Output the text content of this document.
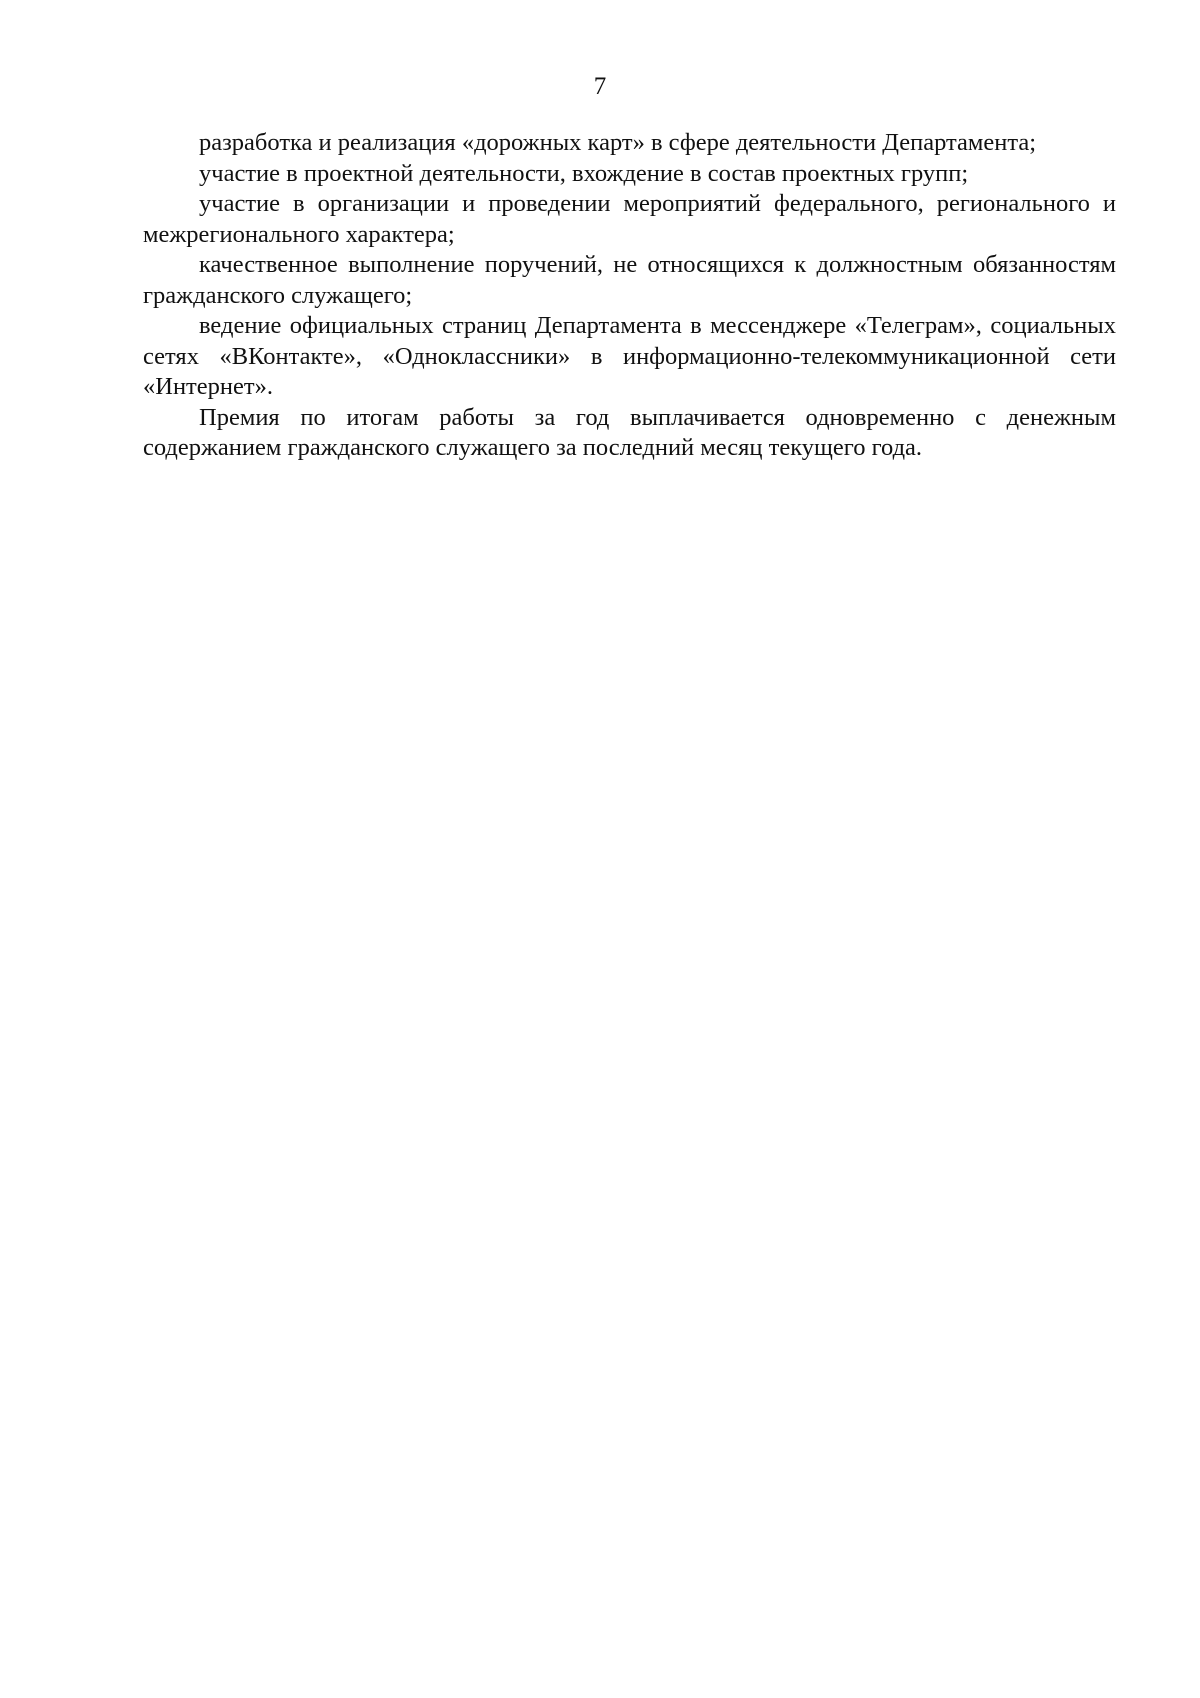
7

разработка и реализация «дорожных карт» в сфере деятельности Департамента;

участие в проектной деятельности, вхождение в состав проектных групп;

участие в организации и проведении мероприятий федерального, регионального и межрегионального характера;

качественное выполнение поручений, не относящихся к должностным обязанностям гражданского служащего;

ведение официальных страниц Департамента в мессенджере «Телеграм», социальных сетях «ВКонтакте», «Одноклассники» в информационно-телекоммуникационной сети «Интернет».

Премия по итогам работы за год выплачивается одновременно с денежным содержанием гражданского служащего за последний месяц текущего года.
